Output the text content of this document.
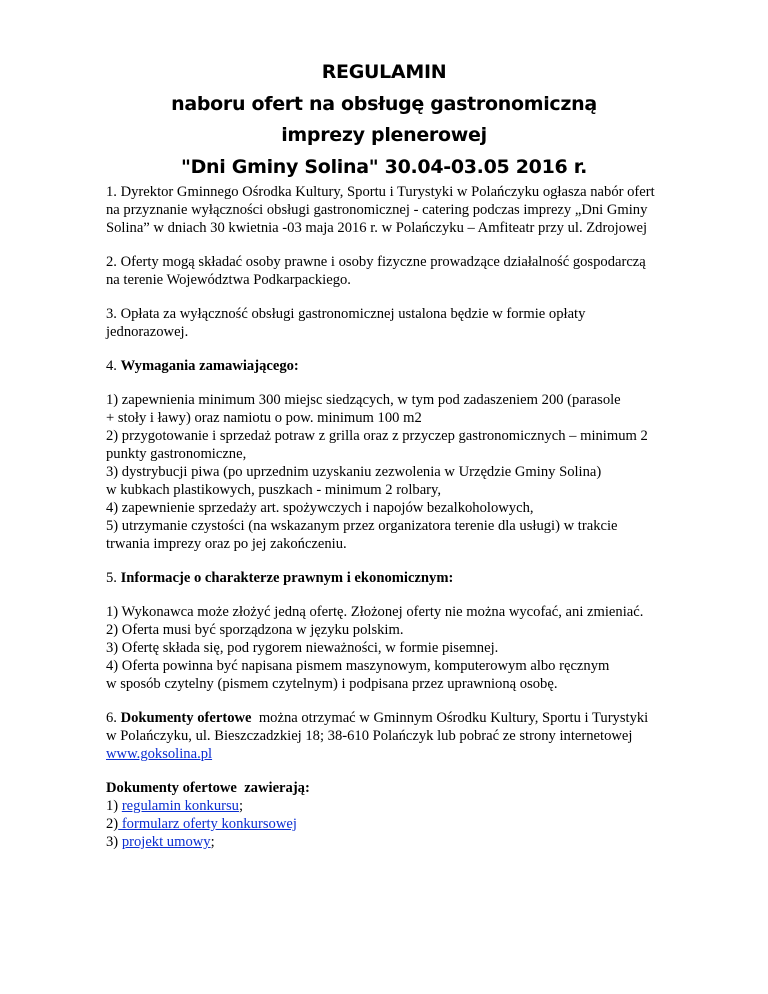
REGULAMIN
naboru ofert na obsługę gastronomiczną
imprezy plenerowej
"Dni Gminy Solina" 30.04-03.05 2016 r.

1. Dyrektor Gminnego Ośrodka Kultury, Sportu i Turystyki w Polańczyku ogłasza nabór ofert
na przyznanie wyłączności obsługi gastronomicznej - catering podczas imprezy „Dni Gminy
Solina” w dniach 30 kwietnia -03 maja 2016 r. w Polańczyku – Amfiteatr przy ul. Zdrojowej

2. Oferty mogą składać osoby prawne i osoby fizyczne prowadzące działalność gospodarczą
na terenie Województwa Podkarpackiego.

3. Opłata za wyłączność obsługi gastronomicznej ustalona będzie w formie opłaty
jednorazowej.

4. Wymagania zamawiającego:

1) zapewnienia minimum 300 miejsc siedzących, w tym pod zadaszeniem 200 (parasole
+ stoły i ławy) oraz namiotu o pow. minimum 100 m2
2) przygotowanie i sprzedaż potraw z grilla oraz z przyczep gastronomicznych – minimum 2
punkty gastronomiczne,
3) dystrybucji piwa (po uprzednim uzyskaniu zezwolenia w Urzędzie Gminy Solina)
w kubkach plastikowych, puszkach - minimum 2 rolbary,
4) zapewnienie sprzedaży art. spożywczych i napojów bezalkoholowych,
5) utrzymanie czystości (na wskazanym przez organizatora terenie dla usługi) w trakcie
trwania imprezy oraz po jej zakończeniu.

5. Informacje o charakterze prawnym i ekonomicznym:

1) Wykonawca może złożyć jedną ofertę. Złożonej oferty nie można wycofać, ani zmieniać.
2) Oferta musi być sporządzona w języku polskim.
3) Ofertę składa się, pod rygorem nieważności, w formie pisemnej.
4) Oferta powinna być napisana pismem maszynowym, komputerowym albo ręcznym
w sposób czytelny (pismem czytelnym) i podpisana przez uprawnioną osobę.

6. Dokumenty ofertowe  można otrzymać w Gminnym Ośrodku Kultury, Sportu i Turystyki
w Polańczyku, ul. Bieszczadzkiej 18; 38-610 Polańczyk lub pobrać ze strony internetowej
www.goksolina.pl

Dokumenty ofertowe  zawierają:
1) regulamin konkursu;
2) formularz oferty konkursowej
3) projekt umowy;
